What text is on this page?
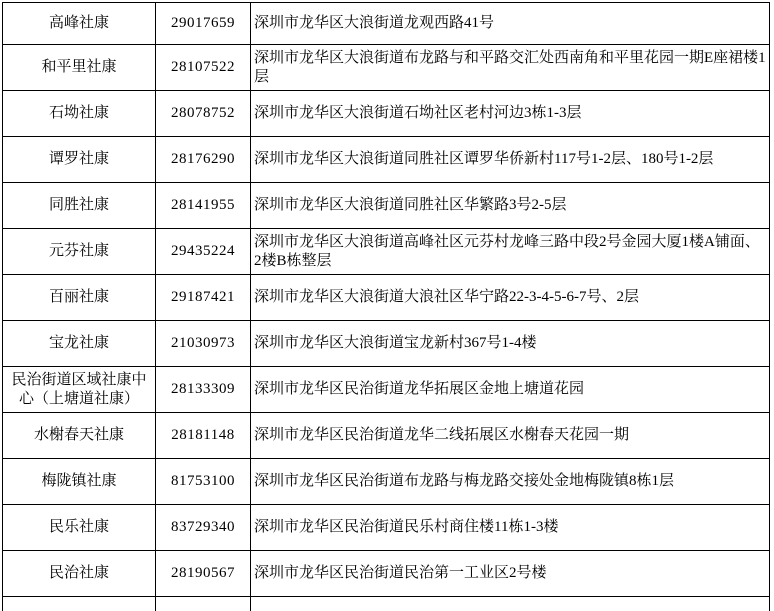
高峰社康	29017659	深圳市龙华区大浪街道龙观西路41号
和平里社康	28107522	深圳市龙华区大浪街道布龙路与和平路交汇处西南角和平里花园一期E座裙楼1层
石坳社康	28078752	深圳市龙华区大浪街道石坳社区老村河边3栋1-3层
谭罗社康	28176290	深圳市龙华区大浪街道同胜社区谭罗华侨新村117号1-2层、180号1-2层
同胜社康	28141955	深圳市龙华区大浪街道同胜社区华繁路3号2-5层
元芬社康	29435224	深圳市龙华区大浪街道高峰社区元芬村龙峰三路中段2号金园大厦1楼A铺面、2楼B栋整层
百丽社康	29187421	深圳市龙华区大浪街道大浪社区华宁路22-3-4-5-6-7号、2层
宝龙社康	21030973	深圳市龙华区大浪街道宝龙新村367号1-4楼
民治街道区域社康中心（上塘道社康）	28133309	深圳市龙华区民治街道龙华拓展区金地上塘道花园
水榭春天社康	28181148	深圳市龙华区民治街道龙华二线拓展区水榭春天花园一期
梅陇镇社康	81753100	深圳市龙华区民治街道布龙路与梅龙路交接处金地梅陇镇8栋1层
民乐社康	83729340	深圳市龙华区民治街道民乐村商住楼11栋1-3楼
民治社康	28190567	深圳市龙华区民治街道民治第一工业区2号楼
